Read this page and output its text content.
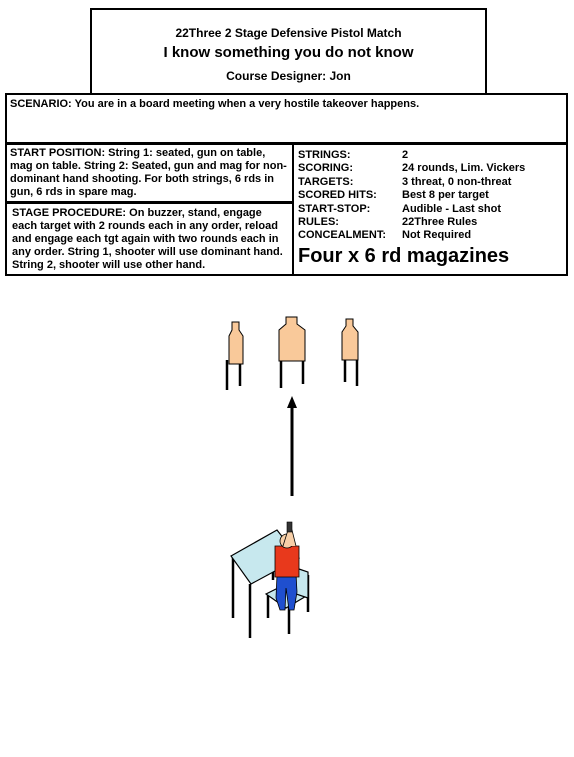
22Three 2 Stage Defensive Pistol Match
I know something you do not know
Course Designer: Jon
SCENARIO: You are in a board meeting when a very hostile takeover happens.
START POSITION: String 1: seated, gun on table, mag on table. String 2: Seated, gun and mag for non-dominant hand shooting. For both strings, 6 rds in gun, 6 rds in spare mag.
STAGE PROCEDURE: On buzzer, stand, engage each target with 2 rounds each in any order, reload and engage each tgt again with two rounds each in any order. String 1, shooter will use dominant hand. String 2, shooter will use other hand.
STRINGS:	2
SCORING:	24 rounds, Lim. Vickers
TARGETS:	3 threat, 0 non-threat
SCORED HITS:	Best 8 per target
START-STOP:	Audible - Last shot
RULES:	22Three Rules
CONCEALMENT:	Not Required
Four x 6 rd magazines
